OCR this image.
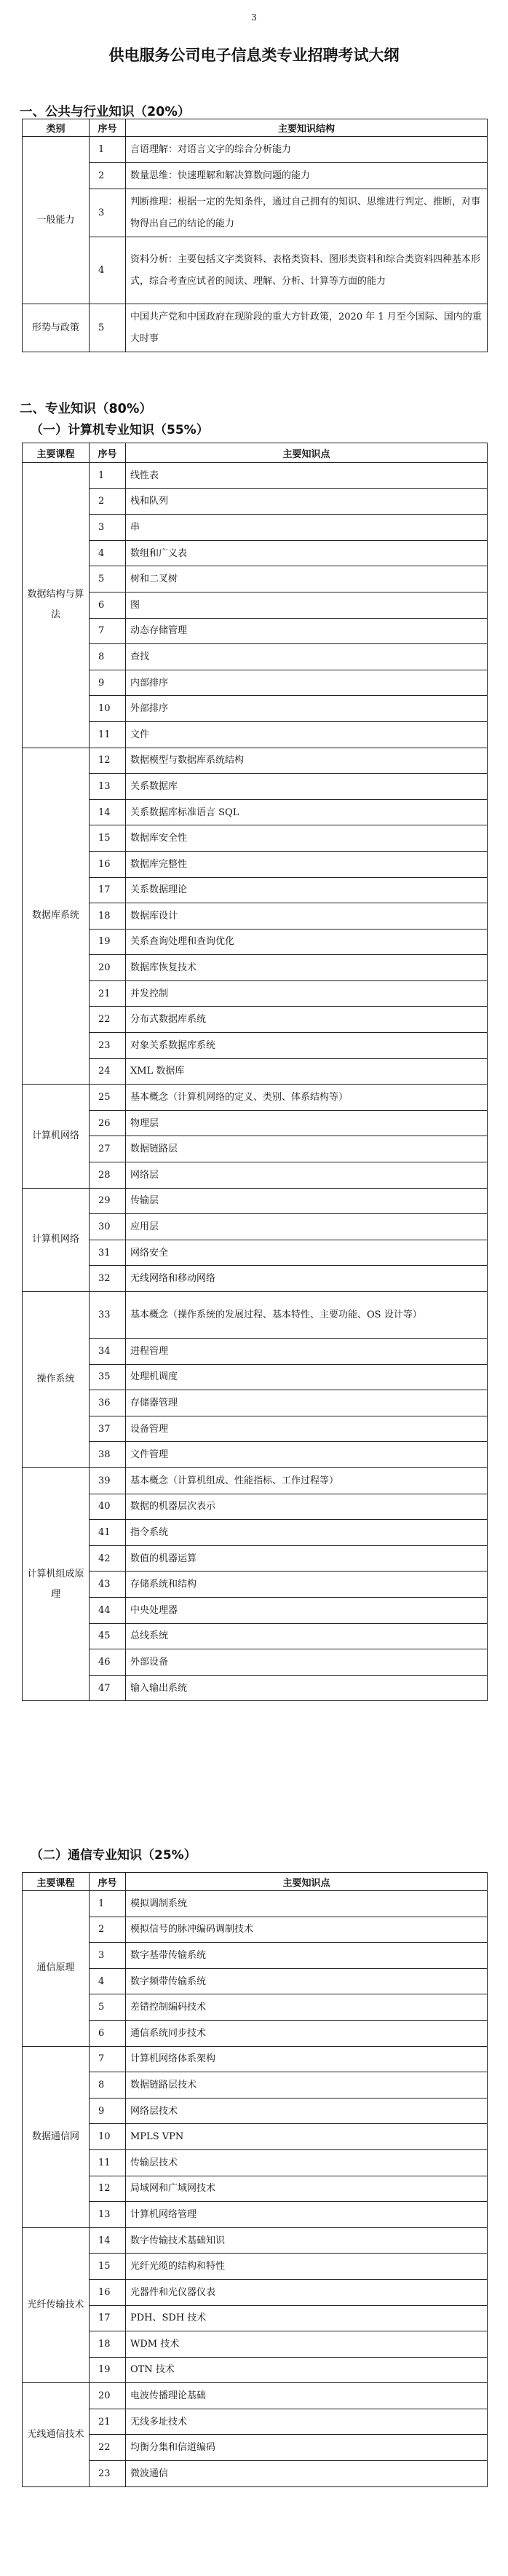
3
供电服务公司电子信息类专业招聘考试大纲
一、公共与行业知识（20%）
类别	序号	主要知识结构
一般能力	1	言语理解：对语言文字的综合分析能力
	2	数量思维：快速理解和解决算数问题的能力
	3	判断推理：根据一定的先知条件，通过自己拥有的知识、思维进行判定、推断，对事物得出自己的结论的能力
	4	资料分析：主要包括文字类资料、表格类资料、图形类资料和综合类资料四种基本形式，综合考查应试者的阅读、理解、分析、计算等方面的能力
形势与政策	5	中国共产党和中国政府在现阶段的重大方针政策，2020 年 1 月至今国际、国内的重大时事
二、专业知识（80%）
（一）计算机专业知识（55%）
主要课程	序号	主要知识点
数据结构与算法	1	线性表
	2	栈和队列
	3	串
	4	数组和广义表
	5	树和二叉树
	6	图
	7	动态存储管理
	8	查找
	9	内部排序
	10	外部排序
	11	文件
数据库系统	12	数据模型与数据库系统结构
	13	关系数据库
	14	关系数据库标准语言 SQL
	15	数据库安全性
	16	数据库完整性
	17	关系数据理论
	18	数据库设计
	19	关系查询处理和查询优化
	20	数据库恢复技术
	21	并发控制
	22	分布式数据库系统
	23	对象关系数据库系统
	24	XML 数据库
计算机网络	25	基本概念（计算机网络的定义、类别、体系结构等）
	26	物理层
	27	数据链路层
	28	网络层
计算机网络	29	传输层
	30	应用层
	31	网络安全
	32	无线网络和移动网络
操作系统	33	基本概念（操作系统的发展过程、基本特性、主要功能、OS 设计等）
	34	进程管理
	35	处理机调度
	36	存储器管理
	37	设备管理
	38	文件管理
计算机组成原理	39	基本概念（计算机组成、性能指标、工作过程等）
	40	数据的机器层次表示
	41	指令系统
	42	数值的机器运算
	43	存储系统和结构
	44	中央处理器
	45	总线系统
	46	外部设备
	47	输入输出系统
（二）通信专业知识（25%）
主要课程	序号	主要知识点
通信原理	1	模拟调制系统
	2	模拟信号的脉冲编码调制技术
	3	数字基带传输系统
	4	数字频带传输系统
	5	差错控制编码技术
	6	通信系统同步技术
数据通信网	7	计算机网络体系架构
	8	数据链路层技术
	9	网络层技术
	10	MPLS VPN
	11	传输层技术
	12	局域网和广域网技术
	13	计算机网络管理
光纤传输技术	14	数字传输技术基础知识
	15	光纤光缆的结构和特性
	16	光器件和光仪器仪表
	17	PDH、SDH 技术
	18	WDM 技术
	19	OTN 技术
无线通信技术	20	电波传播理论基础
	21	无线多址技术
	22	均衡分集和信道编码
	23	微波通信
